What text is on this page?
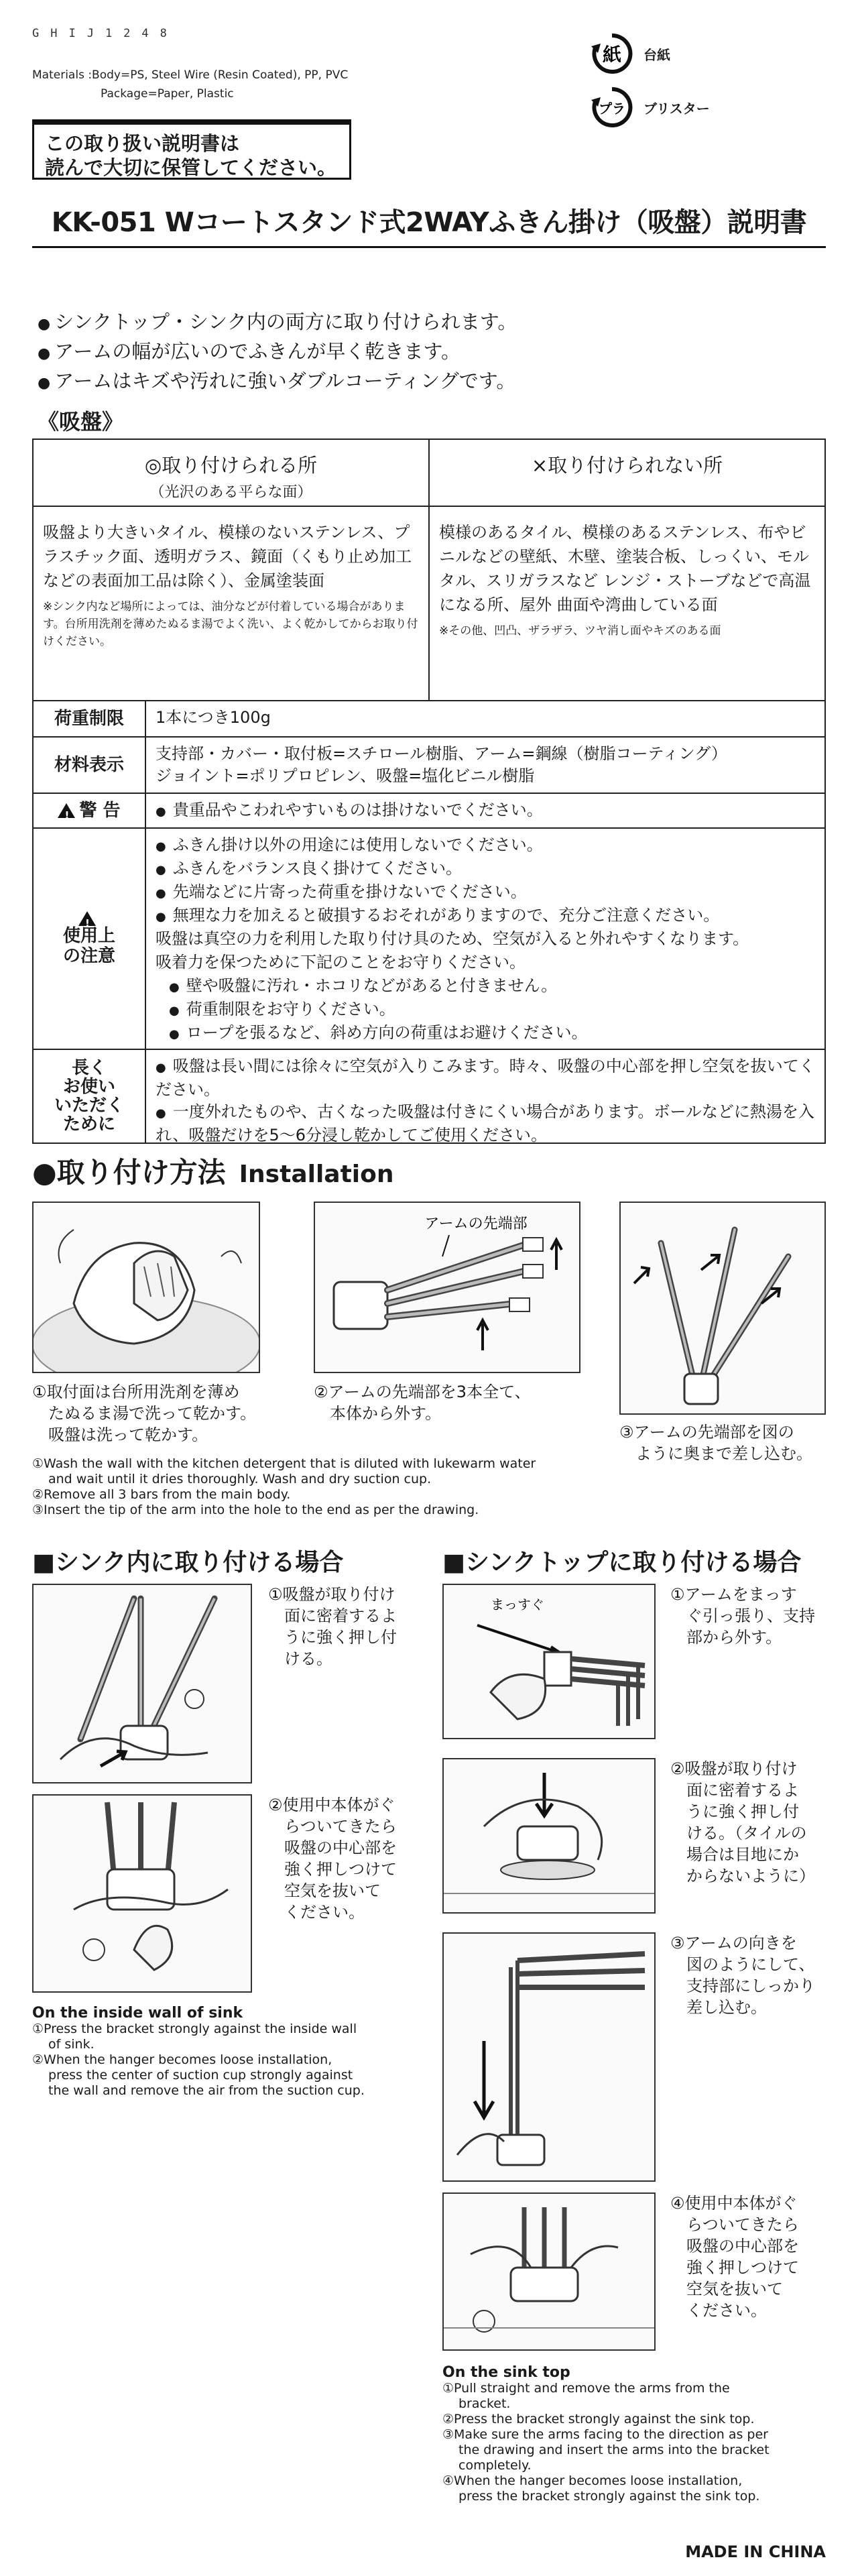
GHIJ1248
Materials :Body=PS, Steel Wire (Resin Coated), PP, PVC
Package=Paper, Plastic
紙 台紙
プラ ブリスター
この取り扱い説明書は
読んで大切に保管してください。
KK-051 Wコートスタンド式2WAYふきん掛け（吸盤）説明書
● シンクトップ・シンク内の両方に取り付けられます。
● アームの幅が広いのでふきんが早く乾きます。
● アームはキズや汚れに強いダブルコーティングです。
《吸盤》
◎取り付けられる所
（光沢のある平らな面）
×取り付けられない所
吸盤より大きいタイル、模様のないステンレス、プラスチック面、透明ガラス、鏡面（くもり止め加工などの表面加工品は除く）、金属塗装面
※シンク内など場所によっては、油分などが付着している場合があります。台所用洗剤を薄めたぬるま湯でよく洗い、よく乾かしてからお取り付けください。
模様のあるタイル、模様のあるステンレス、布やビニルなどの壁紙、木壁、塗装合板、しっくい、モルタル、スリガラスなど レンジ・ストーブなどで高温になる所、屋外 曲面や湾曲している面
※その他、凹凸、ザラザラ、ツヤ消し面やキズのある面
荷重制限	1本につき100g
材料表示
支持部・カバー・取付板=スチロール樹脂、アーム=鋼線（樹脂コーティング）
ジョイント=ポリプロピレン、吸盤=塩化ビニル樹脂
!
警 告
●	貴重品やこわれやすいものは掛けないでください。
!
使用上
の注意
● ふきん掛け以外の用途には使用しないでください。
● ふきんをバランス良く掛けてください。
● 先端などに片寄った荷重を掛けないでください。
● 無理な力を加えると破損するおそれがありますので、充分ご注意ください。
吸盤は真空の力を利用した取り付け具のため、空気が入ると外れやすくなります。
吸着力を保つために下記のことをお守りください。
● 壁や吸盤に汚れ・ホコリなどがあると付きません。
● 荷重制限をお守りください。
● ロープを張るなど、斜め方向の荷重はお避けください。
長く
お使い
いただく
ために
● 吸盤は長い間には徐々に空気が入りこみます。時々、吸盤の中心部を押し空気を抜いてください。
● 一度外れたものや、古くなった吸盤は付きにくい場合があります。ボールなどに熱湯を入れ、吸盤だけを5～6分浸し乾かしてご使用ください。
●取り付け方法 Installation
アームの先端部
①取付面は台所用洗剤を薄め
たぬるま湯で洗って乾かす。
吸盤は洗って乾かす。
②アームの先端部を3本全て、
本体から外す。
③アームの先端部を図の
ように奥まで差し込む。
①Wash the wall with the kitchen detergent that is diluted with lukewarm water
and wait until it dries thoroughly. Wash and dry suction cup.
②Remove all 3 bars from the main body.
③Insert the tip of the arm into the hole to the end as per the drawing.
■シンク内に取り付ける場合
①吸盤が取り付け
面に密着するよ
うに強く押し付
ける。
②使用中本体がぐ
らついてきたら
吸盤の中心部を
強く押しつけて
空気を抜いて
ください。
On the inside wall of sink
①Press the bracket strongly against the inside wall
of sink.
②When the hanger becomes loose installation,
press the center of suction cup strongly against
the wall and remove the air from the suction cup.
■シンクトップに取り付ける場合
まっすぐ
①アームをまっす
ぐ引っ張り、支持
部から外す。
②吸盤が取り付け
面に密着するよ
うに強く押し付
ける。（タイルの
場合は目地にか
からないように）
③アームの向きを
図のようにして、
支持部にしっかり
差し込む。
④使用中本体がぐ
らついてきたら
吸盤の中心部を
強く押しつけて
空気を抜いて
ください。
On the sink top
①Pull straight and remove the arms from the
bracket.
②Press the bracket strongly against the sink top.
③Make sure the arms facing to the direction as per
the drawing and insert the arms into the bracket
completely.
④When the hanger becomes loose installation,
press the bracket strongly against the sink top.
MADE IN CHINA
